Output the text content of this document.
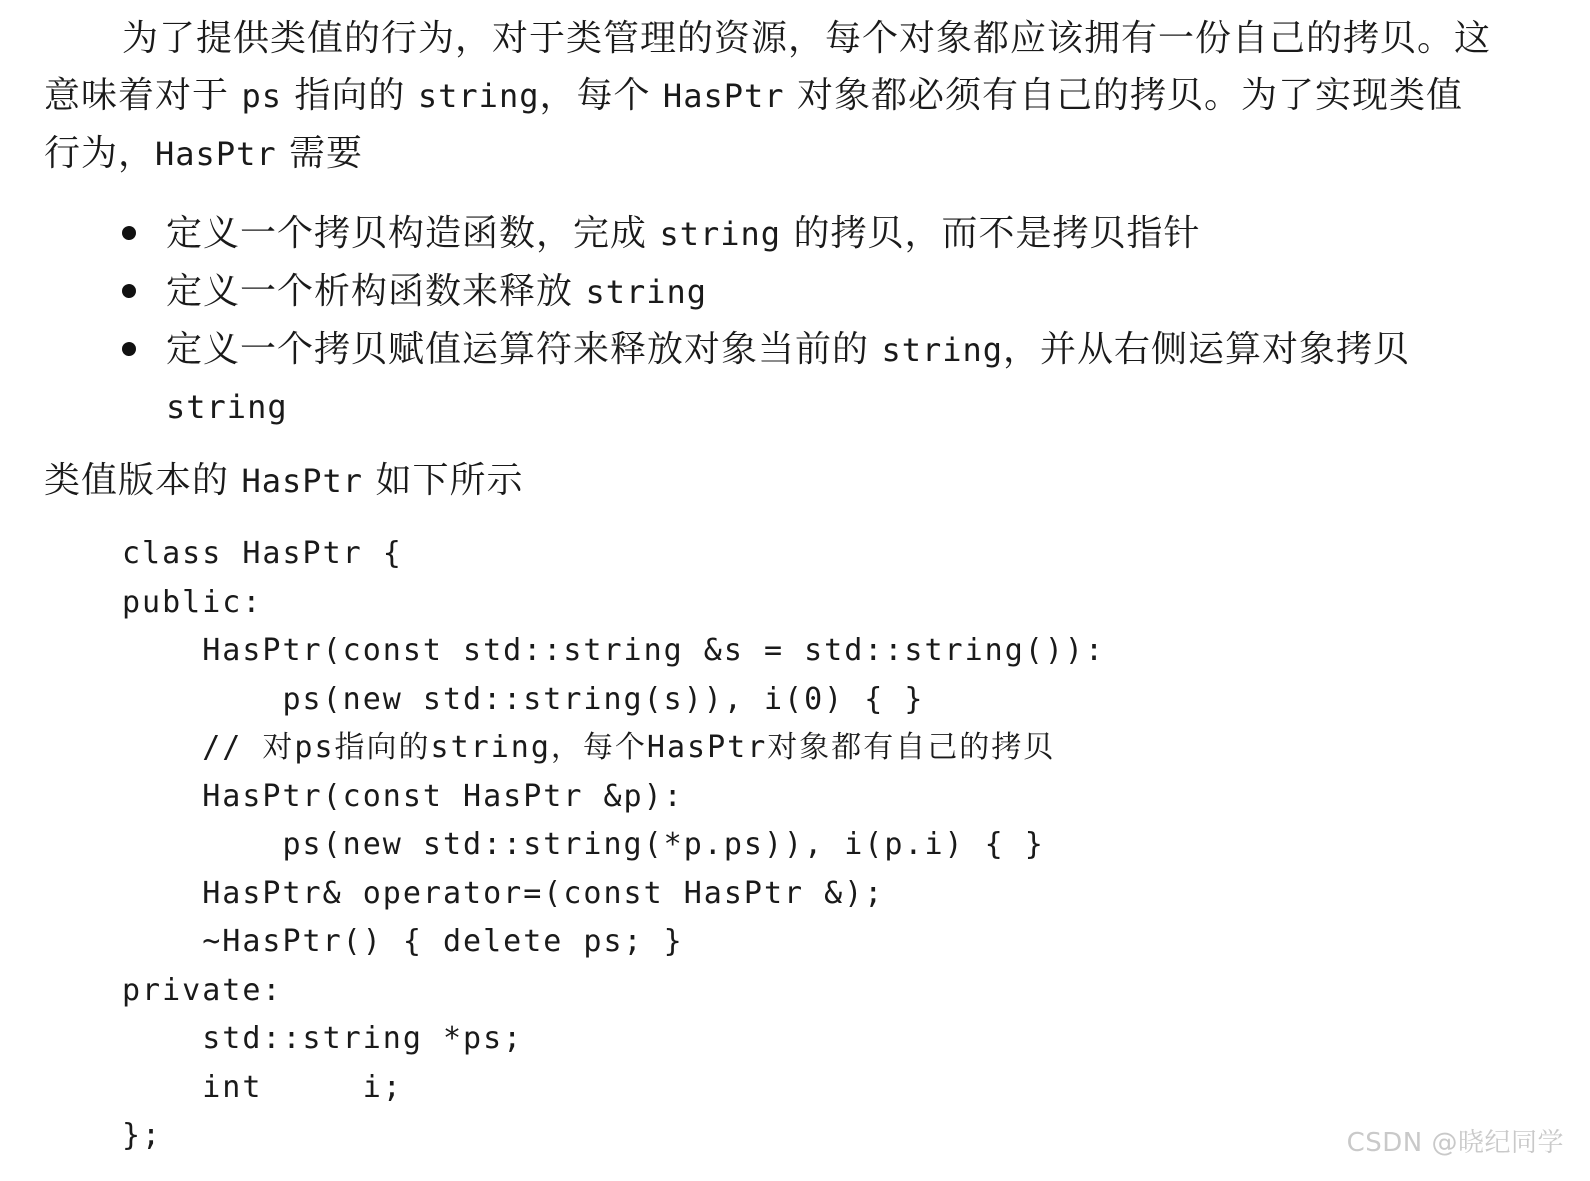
为了提供类值的行为，对于类管理的资源，每个对象都应该拥有一份自己的拷贝。这
意味着对于 ps 指向的 string，每个 HasPtr 对象都必须有自己的拷贝。为了实现类值
行为，HasPtr 需要
定义一个拷贝构造函数，完成 string 的拷贝，而不是拷贝指针
定义一个析构函数来释放 string
定义一个拷贝赋值运算符来释放对象当前的 string，并从右侧运算对象拷贝
string
类值版本的 HasPtr 如下所示
class HasPtr {
public:
HasPtr(const std::string &s = std::string()):
ps(new std::string(s)), i(0) { }
// 对ps指向的string，每个HasPtr对象都有自己的拷贝
HasPtr(const HasPtr &p):
ps(new std::string(*p.ps)), i(p.i) { }
HasPtr& operator=(const HasPtr &);
~HasPtr() { delete ps; }
private:
std::string *ps;
int     i;
};	CSDN @晓纪同学
